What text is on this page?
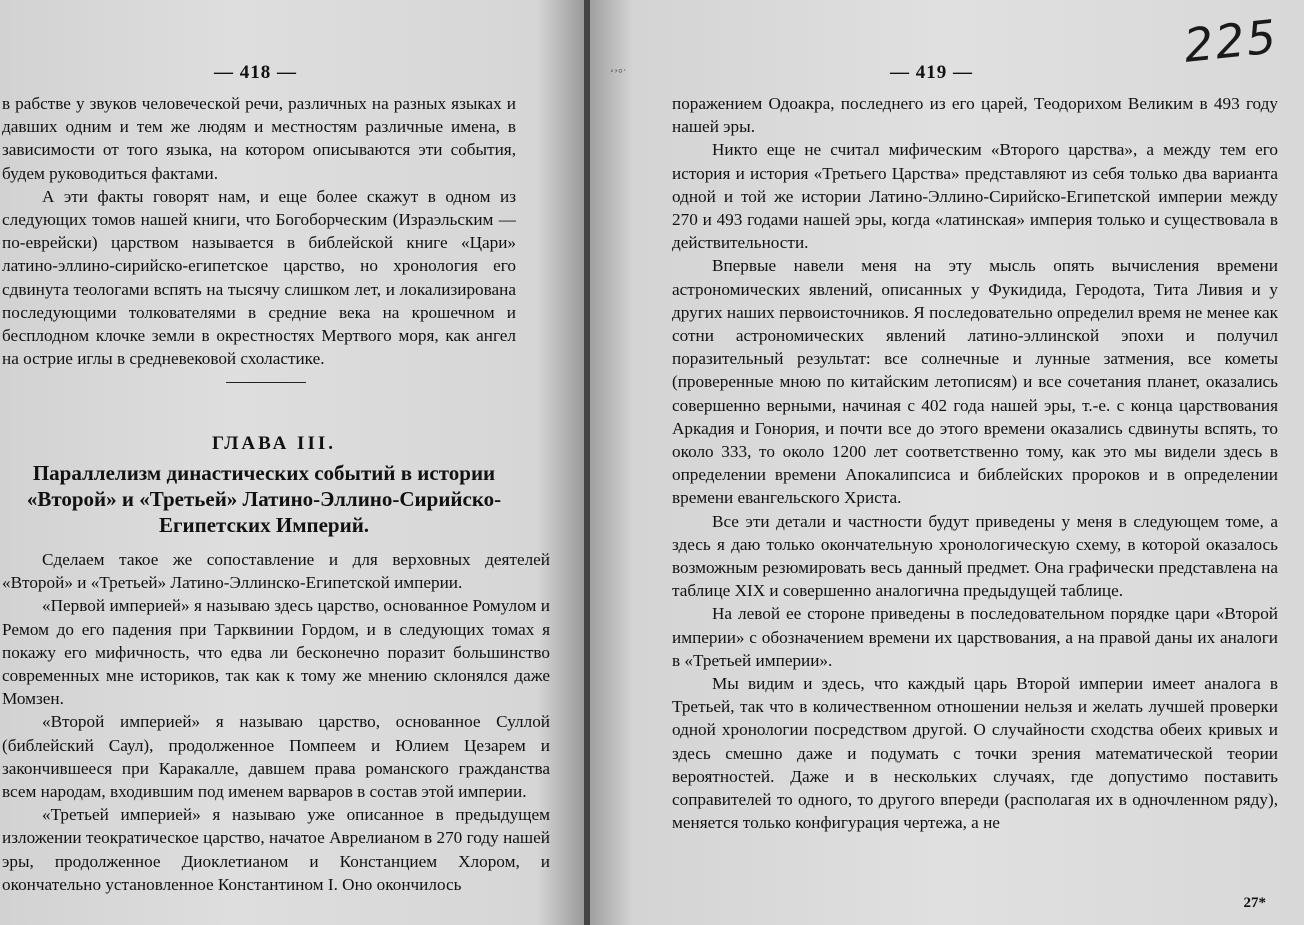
— 418 —

в рабстве у звуков человеческой речи, различных на разных языках и давших одним и тем же людям и местностям различные имена, в зависимости от того языка, на котором описываются эти события, будем руководиться фактами.

А эти факты говорят нам, и еще более скажут в одном из следующих томов нашей книги, что Богоборческим (Израэльским — по-еврейски) царством называется в библейской книге «Цари» латино-эллино-сирийско-египетское царство, но хронология его сдвинута теологами вспять на тысячу слишком лет, и локализирована последующими толкователями в средние века на крошечном и бесплодном клочке земли в окрестностях Мертвого моря, как ангел на острие иглы в средневековой схоластике.

ГЛАВА III.
Параллелизм династических событий в истории «Второй» и «Третьей» Латино-Эллино-Сирийско-Египетских Империй.

Сделаем такое же сопоставление и для верховных деятелей «Второй» и «Третьей» Латино-Эллинско-Египетской империи.

«Первой империей» я называю здесь царство, основанное Ромулом и Ремом до его падения при Тарквинии Гордом, и в следующих томах я покажу его мифичность, что едва ли бесконечно поразит большинство современных мне историков, так как к тому же мнению склонялся даже Момзен.

«Второй империей» я называю царство, основанное Суллой (библейский Саул), продолженное Помпеем и Юлием Цезарем и закончившееся при Каракалле, давшем права романского гражданства всем народам, входившим под именем варваров в состав этой империи.

«Третьей империей» я называю уже описанное в предыдущем изложении теократическое царство, начатое Аврелианом в 270 году нашей эры, продолженное Диоклетианом и Констанцием Хлором, и окончательно установленное Константином I. Оно окончилось

‘’°˙	— 419 —	225

поражением Одоакра, последнего из его царей, Теодорихом Великим в 493 году нашей эры.

Никто еще не считал мифическим «Второго царства», а между тем его история и история «Третьего Царства» представляют из себя только два варианта одной и той же истории Латино-Эллино-Сирийско-Египетской империи между 270 и 493 годами нашей эры, когда «латинская» империя только и существовала в действительности.

Впервые навели меня на эту мысль опять вычисления времени астрономических явлений, описанных у Фукидида, Геродота, Тита Ливия и у других наших первоисточников. Я последовательно определил время не менее как сотни астрономических явлений латино-эллинской эпохи и получил поразительный результат: все солнечные и лунные затмения, все кометы (проверенные мною по китайским летописям) и все сочетания планет, оказались совершенно верными, начиная с 402 года нашей эры, т.-е. с конца царствования Аркадия и Гонория, и почти все до этого времени оказались сдвинуты вспять, то около 333, то около 1200 лет соответственно тому, как это мы видели здесь в определении времени Апокалипсиса и библейских пророков и в определении времени евангельского Христа.

Все эти детали и частности будут приведены у меня в следующем томе, а здесь я даю только окончательную хронологическую схему, в которой оказалось возможным резюмировать весь данный предмет. Она графически представлена на таблице XIX и совершенно аналогична предыдущей таблице.

На левой ее стороне приведены в последовательном порядке цари «Второй империи» с обозначением времени их царствования, а на правой даны их аналоги в «Третьей империи».

Мы видим и здесь, что каждый царь Второй империи имеет аналога в Третьей, так что в количественном отношении нельзя и желать лучшей проверки одной хронологии посредством другой. О случайности сходства обеих кривых и здесь смешно даже и подумать с точки зрения математической теории вероятностей. Даже и в нескольких случаях, где допустимо поставить соправителей то одного, то другого впереди (располагая их в одночленном ряду), меняется только конфигурация чертежа, а не

27*
